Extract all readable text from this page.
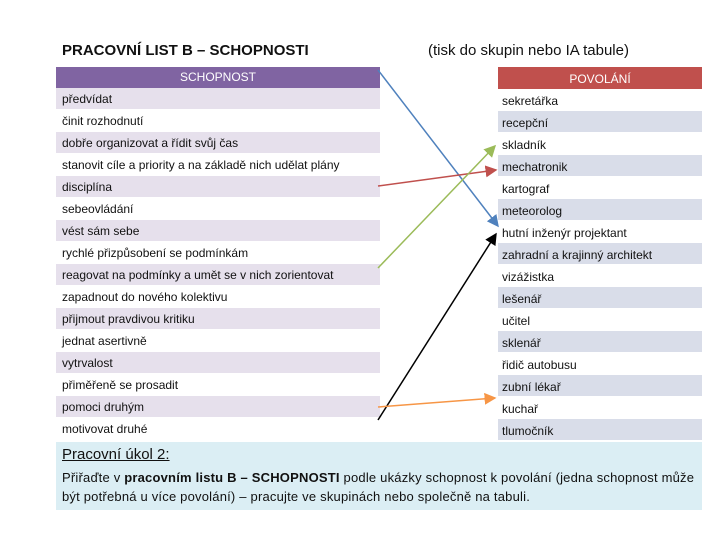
PRACOVNÍ LIST B – SCHOPNOSTI	(tisk do skupin nebo IA tabule)
SCHOPNOST
předvídat
činit rozhodnutí
dobře organizovat a řídit svůj čas
stanovit cíle a priority a na základě nich udělat plány
disciplína
sebeovládání
vést sám sebe
rychlé přizpůsobení se podmínkám
reagovat na podmínky a umět se v nich zorientovat
zapadnout do nového kolektivu
přijmout pravdivou kritiku
jednat asertivně
vytrvalost
přiměřeně se prosadit
pomoci druhým
motivovat druhé
POVOLÁNÍ
sekretářka
recepční
skladník
mechatronik
kartograf
meteorolog
hutní inženýr projektant
zahradní a krajinný architekt
vizážistka
lešenář
učitel
sklenář
řidič autobusu
zubní lékař
kuchař
tlumočník
Pracovní úkol 2:
Přiřaďte v pracovním listu B – SCHOPNOSTI podle ukázky schopnost k povolání (jedna schopnost může být potřebná u více povolání) – pracujte ve skupinách nebo společně na tabuli.
